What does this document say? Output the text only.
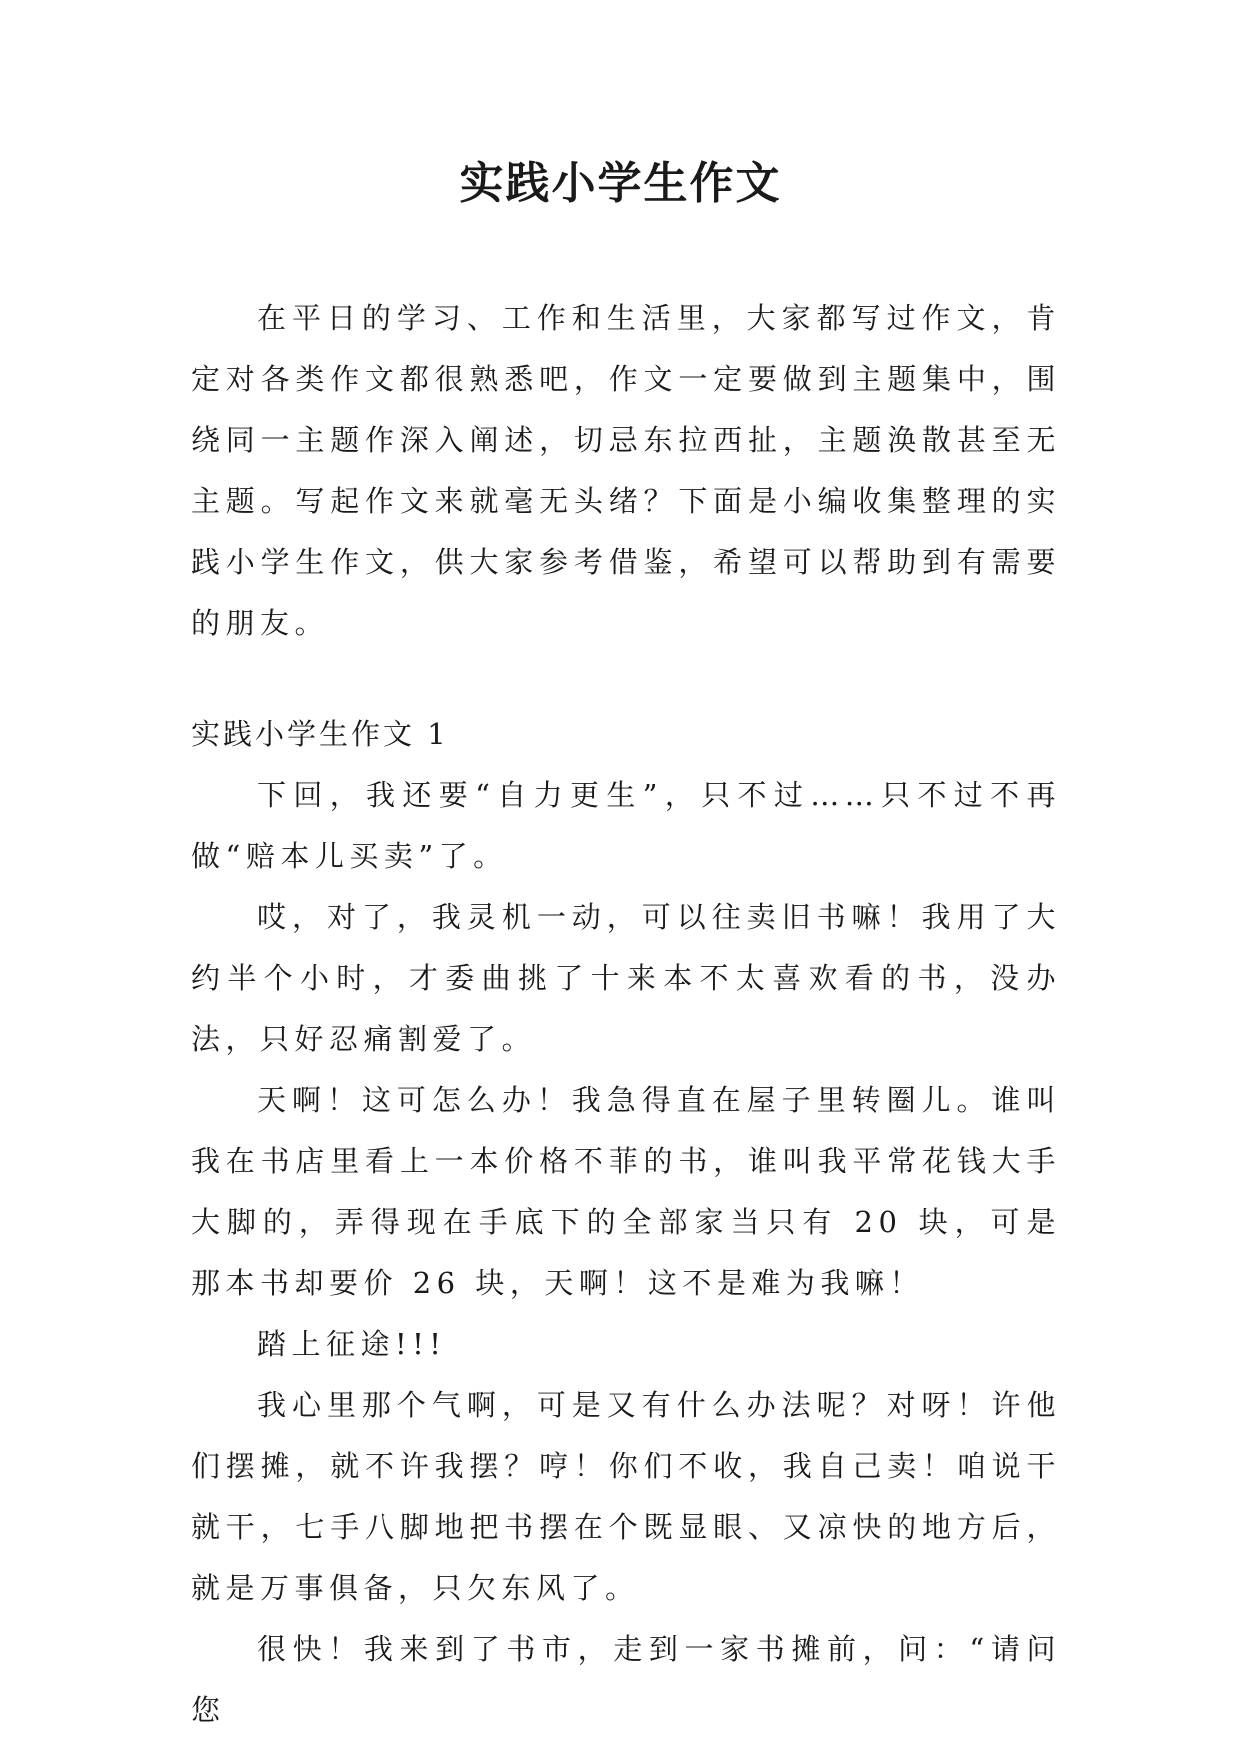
实践小学生作文

在平日的学习、工作和生活里，大家都写过作文，肯定对各类作文都很熟悉吧，作文一定要做到主题集中，围绕同一主题作深入阐述，切忌东拉西扯，主题涣散甚至无主题。写起作文来就毫无头绪？下面是小编收集整理的实践小学生作文，供大家参考借鉴，希望可以帮助到有需要的朋友。

实践小学生作文 1

下回，我还要“自力更生”，只不过……只不过不再做“赔本儿买卖”了。

哎，对了，我灵机一动，可以往卖旧书嘛！我用了大约半个小时，才委曲挑了十来本不太喜欢看的书，没办法，只好忍痛割爱了。

天啊！这可怎么办！我急得直在屋子里转圈儿。谁叫我在书店里看上一本价格不菲的书，谁叫我平常花钱大手大脚的，弄得现在手底下的全部家当只有 20 块，可是那本书却要价 26 块，天啊！这不是难为我嘛！

踏上征途!!!

我心里那个气啊，可是又有什么办法呢？对呀！许他们摆摊，就不许我摆？哼！你们不收，我自己卖！咱说干就干，七手八脚地把书摆在个既显眼、又凉快的地方后，就是万事俱备，只欠东风了。

很快！我来到了书市，走到一家书摊前，问：“请问您
